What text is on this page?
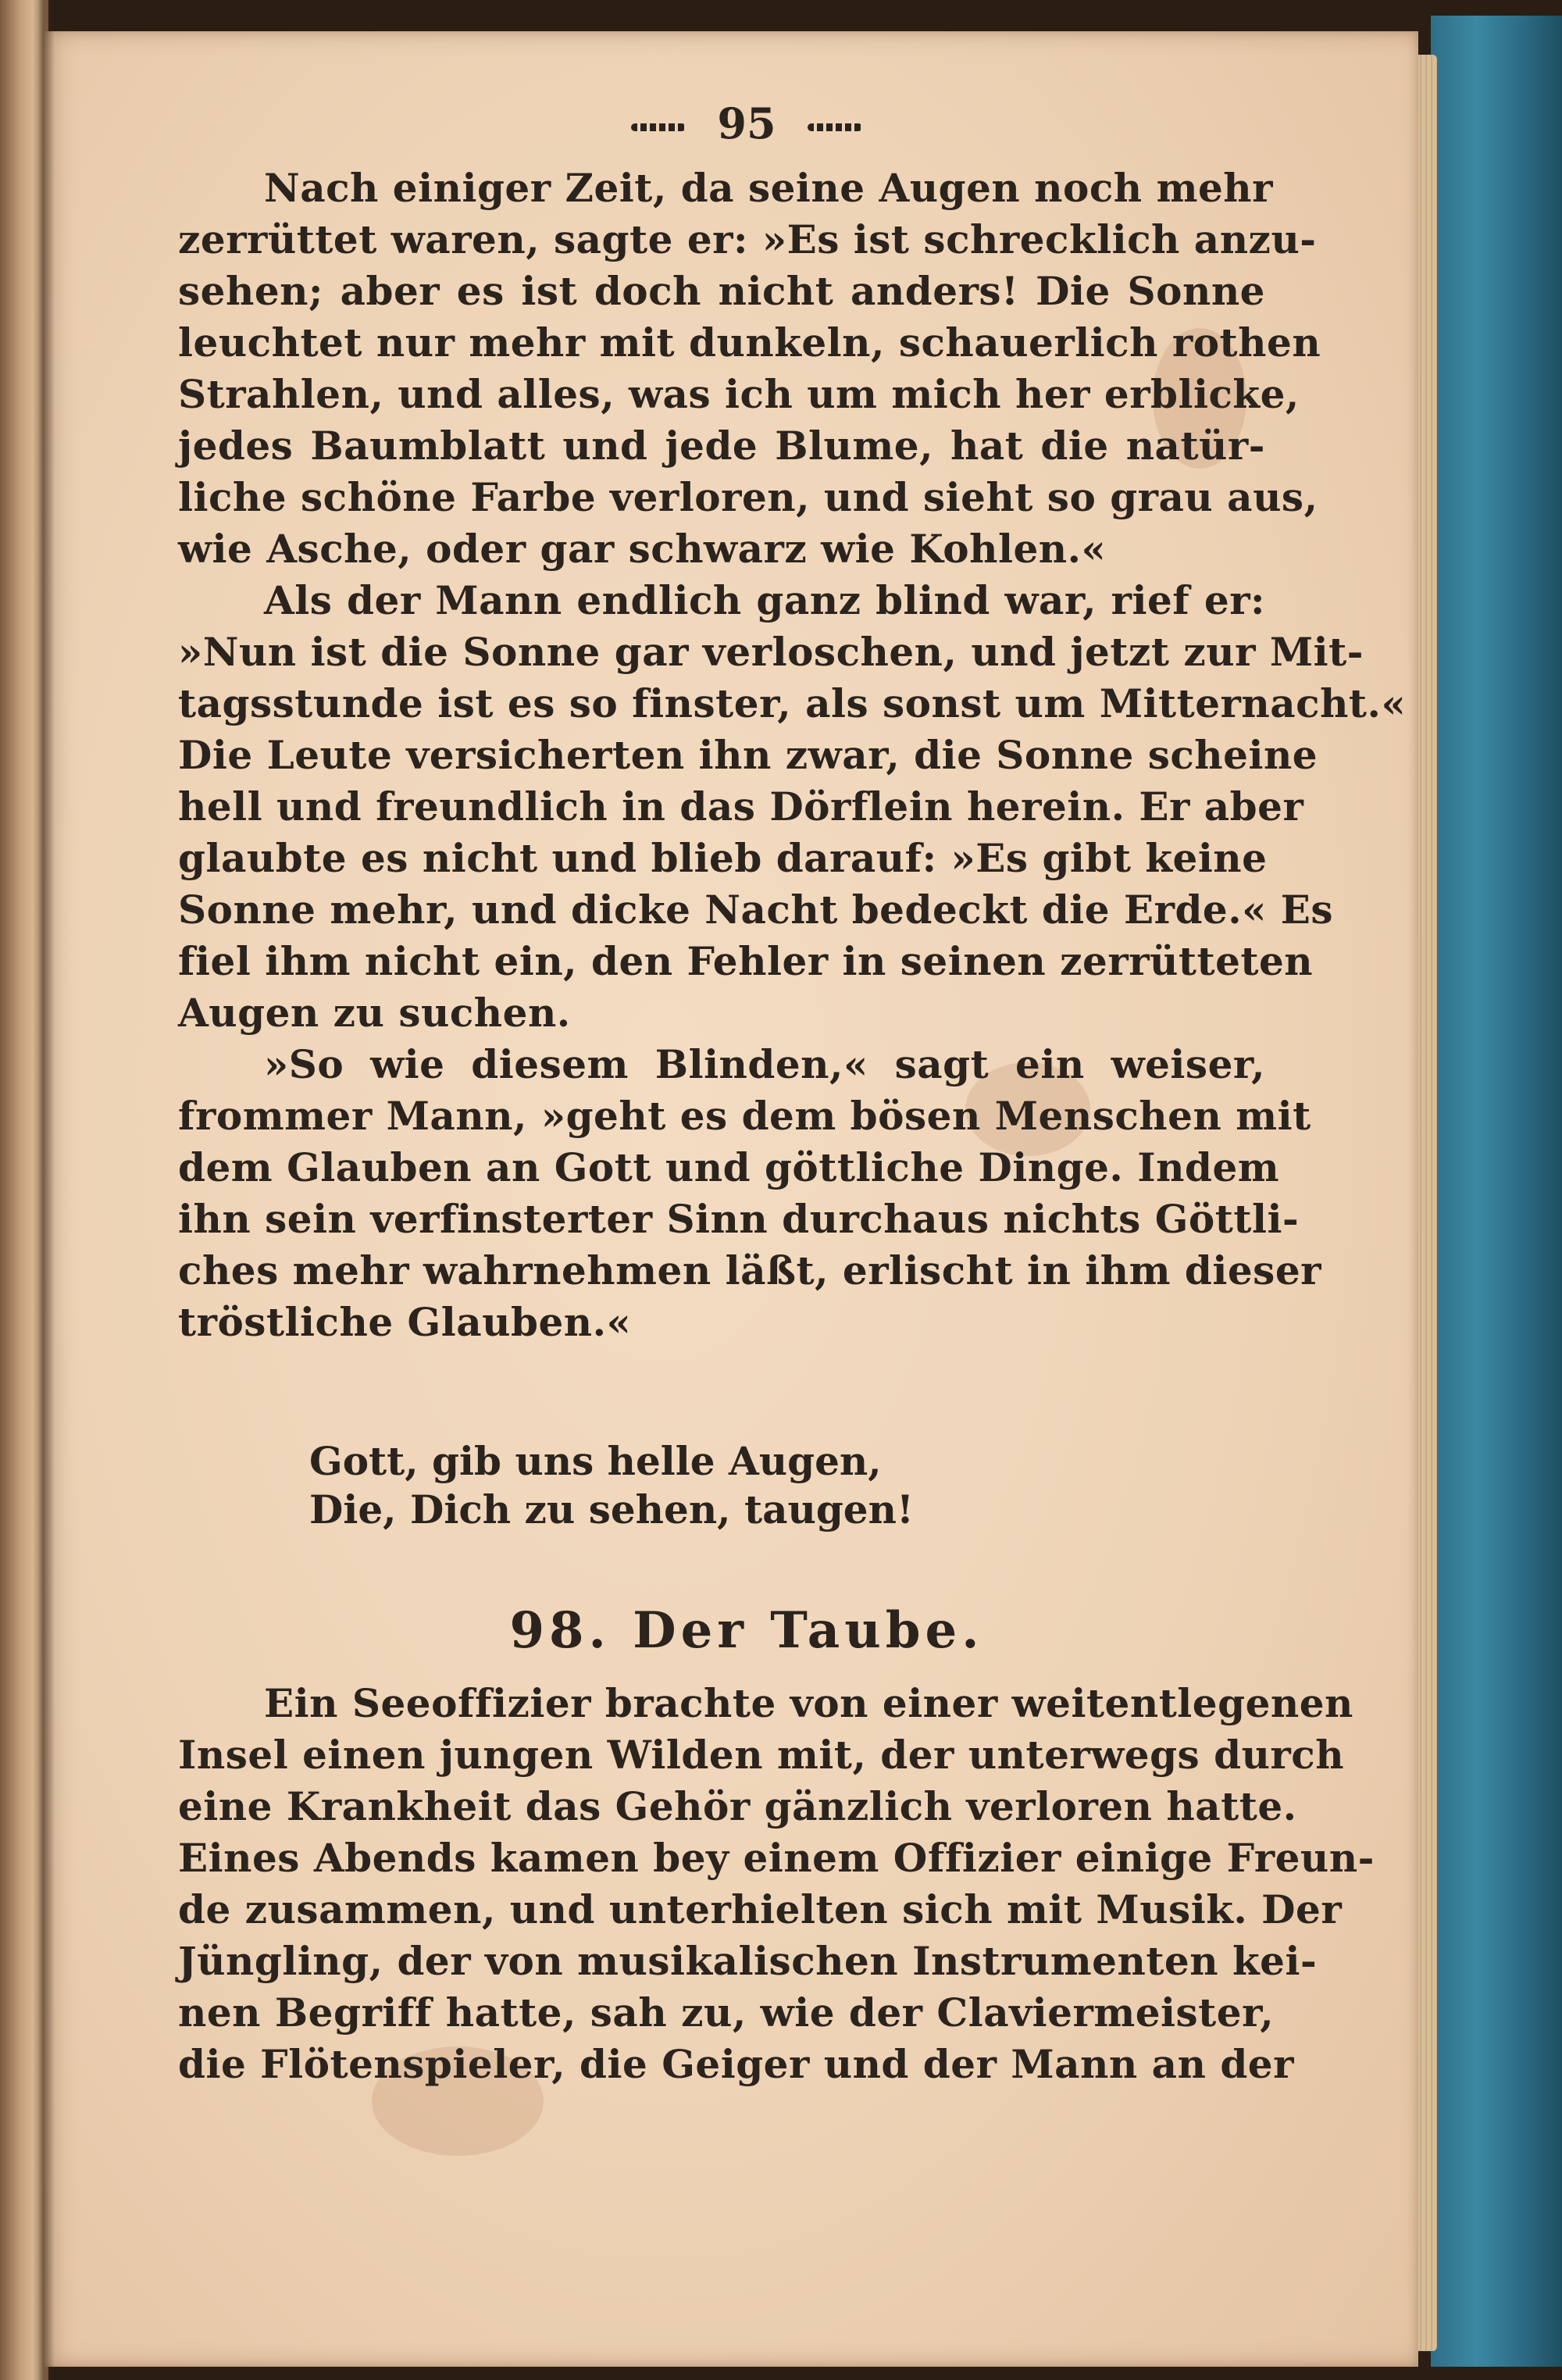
95
Nach einiger Zeit, da seine Augen noch mehr
zerrüttet waren, sagte er: »Es ist schrecklich anzu-
sehen; aber es ist doch nicht anders! Die Sonne
leuchtet nur mehr mit dunkeln, schauerlich rothen
Strahlen, und alles, was ich um mich her erblicke,
jedes Baumblatt und jede Blume, hat die natür-
liche schöne Farbe verloren, und sieht so grau aus,
wie Asche, oder gar schwarz wie Kohlen.«
Als der Mann endlich ganz blind war, rief er:
»Nun ist die Sonne gar verloschen, und jetzt zur Mit-
tagsstunde ist es so finster, als sonst um Mitternacht.«
Die Leute versicherten ihn zwar, die Sonne scheine
hell und freundlich in das Dörflein herein. Er aber
glaubte es nicht und blieb darauf: »Es gibt keine
Sonne mehr, und dicke Nacht bedeckt die Erde.« Es
fiel ihm nicht ein, den Fehler in seinen zerrütteten
Augen zu suchen.
»So wie diesem Blinden,« sagt ein weiser,
frommer Mann, »geht es dem bösen Menschen mit
dem Glauben an Gott und göttliche Dinge. Indem
ihn sein verfinsterter Sinn durchaus nichts Göttli-
ches mehr wahrnehmen läßt, erlischt in ihm dieser
tröstliche Glauben.«
Gott, gib uns helle Augen,
Die, Dich zu sehen, taugen!
98. Der Taube.
Ein Seeoffizier brachte von einer weitentlegenen
Insel einen jungen Wilden mit, der unterwegs durch
eine Krankheit das Gehör gänzlich verloren hatte.
Eines Abends kamen bey einem Offizier einige Freun-
de zusammen, und unterhielten sich mit Musik. Der
Jüngling, der von musikalischen Instrumenten kei-
nen Begriff hatte, sah zu, wie der Claviermeister,
die Flötenspieler, die Geiger und der Mann an der
